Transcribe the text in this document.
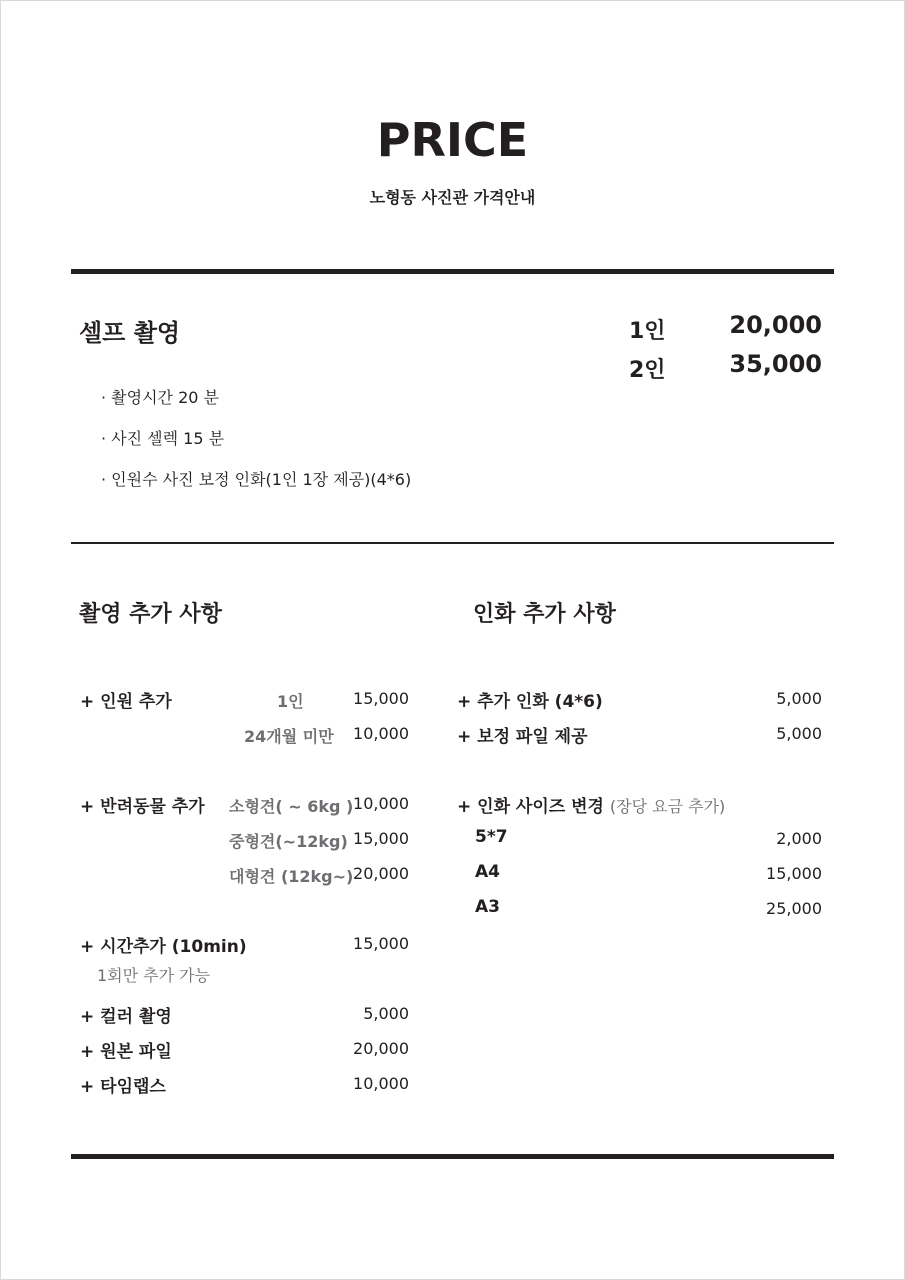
PRICE
노형동 사진관 가격안내
셀프 촬영
· 촬영시간 20 분
· 사진 셀렉 15 분
· 인원수 사진 보정 인화(1인 1장 제공)(4*6)
1인	20,000
2인	35,000
촬영 추가 사항
+ 인원 추가	1인	15,000
24개월 미만	10,000
+ 반려동물 추가 소형견( ~ 6kg ) 10,000
중형견(~12kg) 15,000
대형견 (12kg~) 20,000
+ 시간추가 (10min)	15,000
1회만 추가 가능
+ 컬러 촬영	5,000
+ 원본 파일	20,000
+ 타임랩스	10,000
인화 추가 사항
+ 추가 인화 (4*6)	5,000
+ 보정 파일 제공	5,000
+ 인화 사이즈 변경 (장당 요금 추가)
5*7	2,000
A4	15,000
A3	25,000
